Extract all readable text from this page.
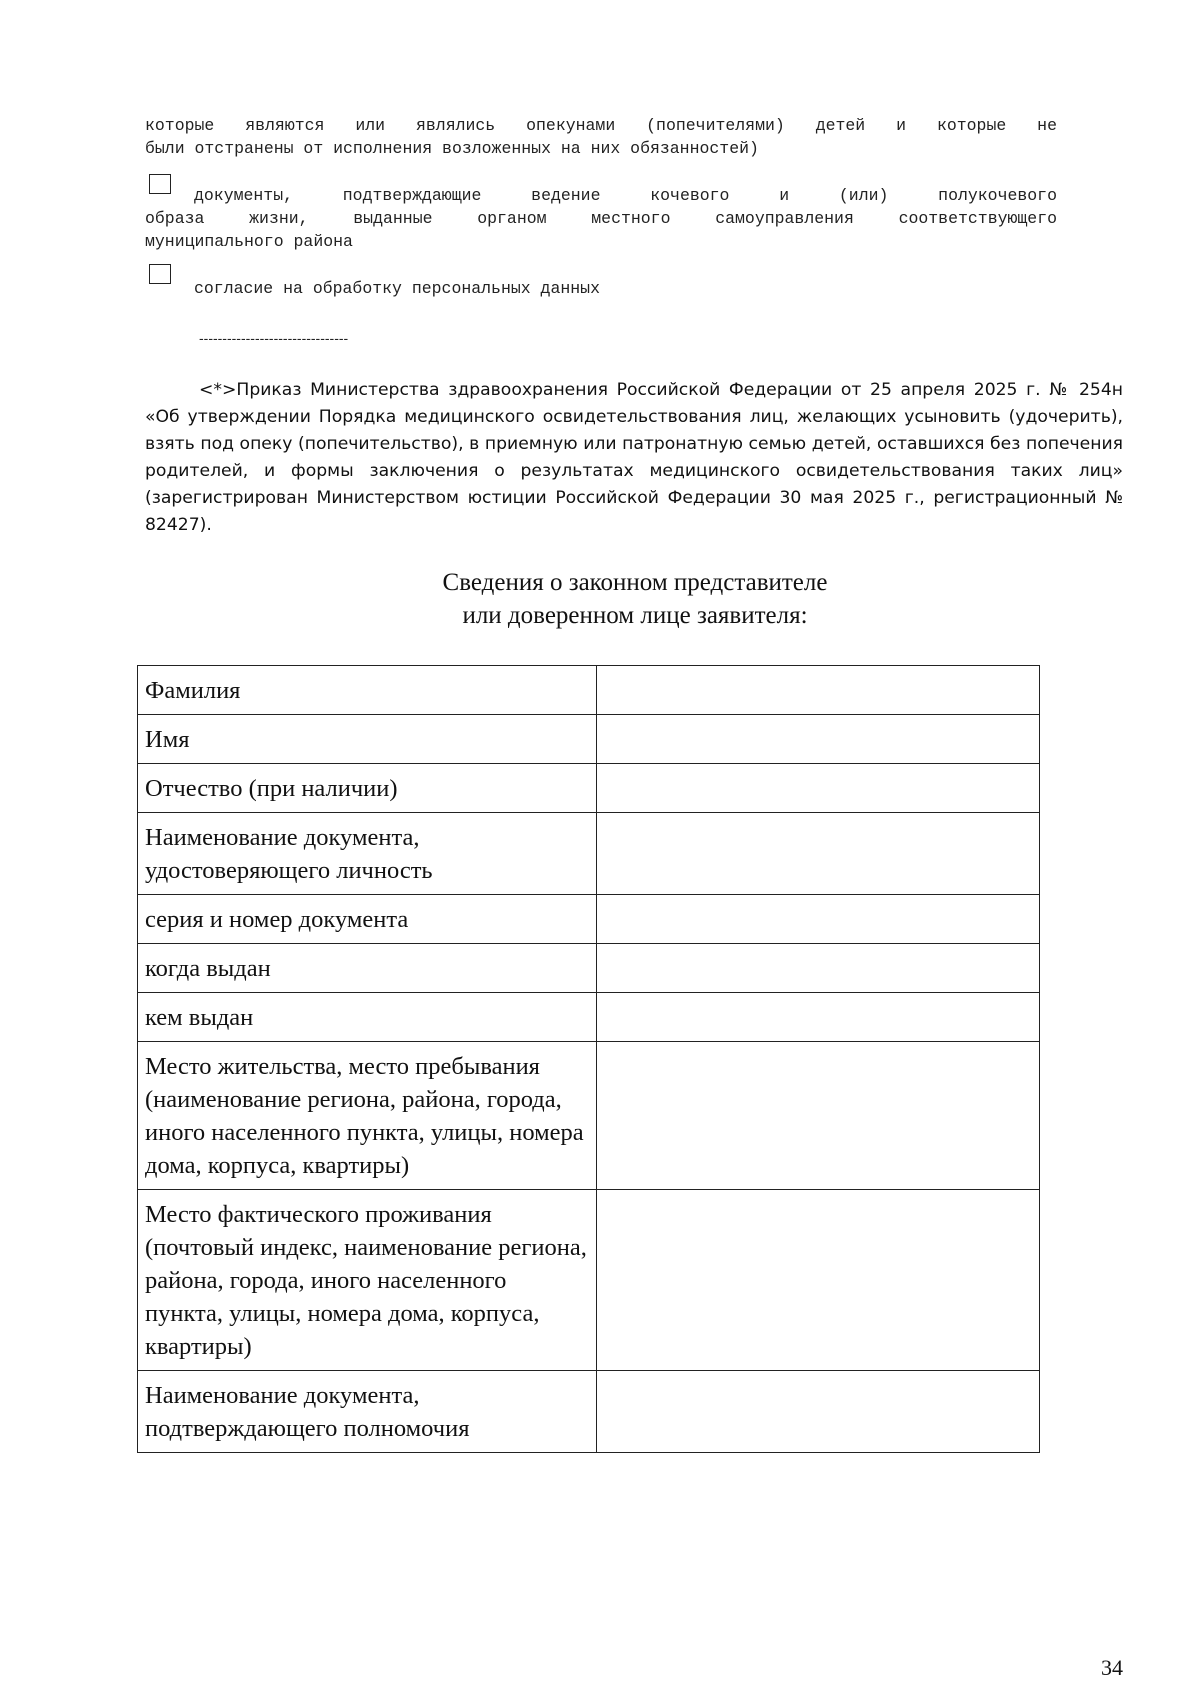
которые являются или являлись опекунами (попечителями) детей и которые не
были отстранены от исполнения возложенных на них обязанностей)
документы, подтверждающие ведение кочевого и (или) полукочевого
образа жизни, выданные органом местного самоуправления соответствующего
муниципального района
согласие на обработку персональных данных
--------------------------------

<*>Приказ Министерства здравоохранения Российской Федерации от 25 апреля 2025 г. № 254н «Об утверждении Порядка медицинского освидетельствования лиц, желающих усыновить (удочерить), взять под опеку (попечительство), в приемную или патронатную семью детей, оставшихся без попечения родителей, и формы заключения о результатах медицинского освидетельствования таких лиц» (зарегистрирован Министерством юстиции Российской Федерации 30 мая 2025 г., регистрационный № 82427).

Сведения о законном представителе
или доверенном лице заявителя:
Фамилия	
Имя	
Отчество (при наличии)	
Наименование документа, удостоверяющего личность	
серия и номер документа	
когда выдан	
кем выдан	
Место жительства, место пребывания (наименование региона, района, города, иного населенного пункта, улицы, номера дома, корпуса, квартиры)	
Место фактического проживания (почтовый индекс, наименование региона, района, города, иного населенного пункта, улицы, номера дома, корпуса, квартиры)	
Наименование документа, подтверждающего полномочия	
34
